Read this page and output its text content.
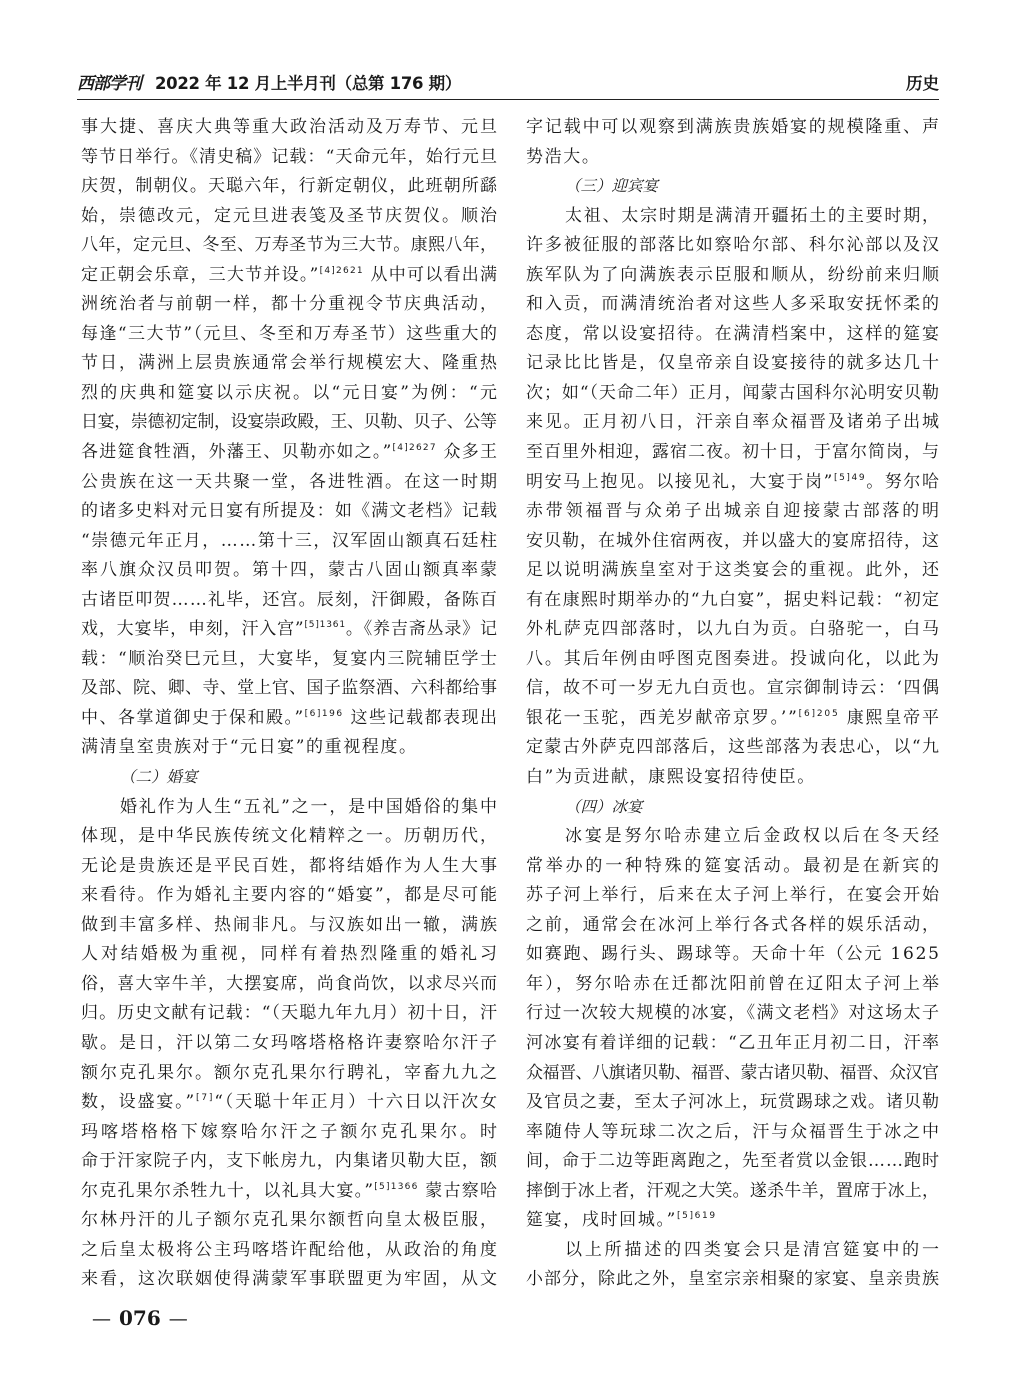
西部学刊 2022 年 12 月上半月刊（总第 176 期）	历史
事大捷、喜庆大典等重大政治活动及万寿节、元旦
等节日举行。《清史稿》记载：“天命元年，始行元旦
庆贺，制朝仪。天聪六年，行新定朝仪，此班朝所繇
始，崇德改元，定元旦进表笺及圣节庆贺仪。顺治
八年，定元旦、冬至、万寿圣节为三大节。康熙八年，
定正朝会乐章，三大节并设。”$^{[4]2621}$ 从中可以看出满
洲统治者与前朝一样，都十分重视令节庆典活动，
每逢“三大节”（元旦、冬至和万寿圣节）这些重大的
节日，满洲上层贵族通常会举行规模宏大、隆重热
烈的庆典和筵宴以示庆祝。以“元日宴”为例：“元
日宴，崇德初定制，设宴崇政殿，王、贝勒、贝子、公等
各进筵食牲酒，外藩王、贝勒亦如之。”$^{[4]2627}$ 众多王
公贵族在这一天共聚一堂，各进牲酒。在这一时期
的诸多史料对元日宴有所提及：如《满文老档》记载
“崇德元年正月，……第十三，汉军固山额真石廷柱
率八旗众汉员叩贺。第十四，蒙古八固山额真率蒙
古诸臣叩贺……礼毕，还宫。辰刻，汗御殿，备陈百
戏，大宴毕，申刻，汗入宫”$^{[5]1361}$。《养吉斋丛录》记
载：“顺治癸巳元旦，大宴毕，复宴内三院辅臣学士
及部、院、卿、寺、堂上官、国子监祭酒、六科都给事
中、各掌道御史于保和殿。”$^{[6]196}$ 这些记载都表现出
满清皇室贵族对于“元日宴”的重视程度。
（二）婚宴
婚礼作为人生“五礼”之一，是中国婚俗的集中
体现，是中华民族传统文化精粹之一。历朝历代，
无论是贵族还是平民百姓，都将结婚作为人生大事
来看待。作为婚礼主要内容的“婚宴”，都是尽可能
做到丰富多样、热闹非凡。与汉族如出一辙，满族
人对结婚极为重视，同样有着热烈隆重的婚礼习
俗，喜大宰牛羊，大摆宴席，尚食尚饮，以求尽兴而
归。历史文献有记载：“（天聪九年九月）初十日，汗
歇。是日，汗以第二女玛喀塔格格许妻察哈尔汗子
额尔克孔果尔。额尔克孔果尔行聘礼，宰畜九九之
数，设盛宴。”[7]“（天聪十年正月）十六日以汗次女
玛喀塔格格下嫁察哈尔汗之子额尔克孔果尔。时
命于汗家院子内，支下帐房九，内集诸贝勒大臣，额
尔克孔果尔杀牲九十，以礼具大宴。”$^{[5]1366}$ 蒙古察哈
尔林丹汗的儿子额尔克孔果尔额哲向皇太极臣服，
之后皇太极将公主玛喀塔许配给他，从政治的角度
来看，这次联姻使得满蒙军事联盟更为牢固，从文
字记载中可以观察到满族贵族婚宴的规模隆重、声
势浩大。
（三）迎宾宴
太祖、太宗时期是满清开疆拓土的主要时期，
许多被征服的部落比如察哈尔部、科尔沁部以及汉
族军队为了向满族表示臣服和顺从，纷纷前来归顺
和入贡，而满清统治者对这些人多采取安抚怀柔的
态度，常以设宴招待。在满清档案中，这样的筵宴
记录比比皆是，仅皇帝亲自设宴接待的就多达几十
次；如“（天命二年）正月，闻蒙古国科尔沁明安贝勒
来见。正月初八日，汗亲自率众福晋及诸弟子出城
至百里外相迎，露宿二夜。初十日，于富尔简岗，与
明安马上抱见。以接见礼，大宴于岗”$^{[5]49}$。努尔哈
赤带领福晋与众弟子出城亲自迎接蒙古部落的明
安贝勒，在城外住宿两夜，并以盛大的宴席招待，这
足以说明满族皇室对于这类宴会的重视。此外，还
有在康熙时期举办的“九白宴”，据史料记载：“初定
外札萨克四部落时，以九白为贡。白骆驼一，白马
八。其后年例由呼图克图奏进。投诚向化，以此为
信，故不可一岁无九白贡也。宣宗御制诗云：‘四偶
银花一玉驼，西羌岁献帝京罗。’”$^{[6]205}$ 康熙皇帝平
定蒙古外萨克四部落后，这些部落为表忠心，以“九
白”为贡进献，康熙设宴招待使臣。
（四）冰宴
冰宴是努尔哈赤建立后金政权以后在冬天经
常举办的一种特殊的筵宴活动。最初是在新宾的
苏子河上举行，后来在太子河上举行，在宴会开始
之前，通常会在冰河上举行各式各样的娱乐活动，
如赛跑、踢行头、踢球等。天命十年（公元 1625
年），努尔哈赤在迁都沈阳前曾在辽阳太子河上举
行过一次较大规模的冰宴，《满文老档》对这场太子
河冰宴有着详细的记载：“乙丑年正月初二日，汗率
众福晋、八旗诸贝勒、福晋、蒙古诸贝勒、福晋、众汉官
及官员之妻，至太子河冰上，玩赏踢球之戏。诸贝勒
率随侍人等玩球二次之后，汗与众福晋生于冰之中
间，命于二边等距离跑之，先至者赏以金银……跑时
摔倒于冰上者，汗观之大笑。遂杀牛羊，置席于冰上，
筵宴，戌时回城。”$^{[5]619}$
以上所描述的四类宴会只是清宫筵宴中的一
小部分，除此之外，皇室宗亲相聚的家宴、皇亲贵族
— 076 —
